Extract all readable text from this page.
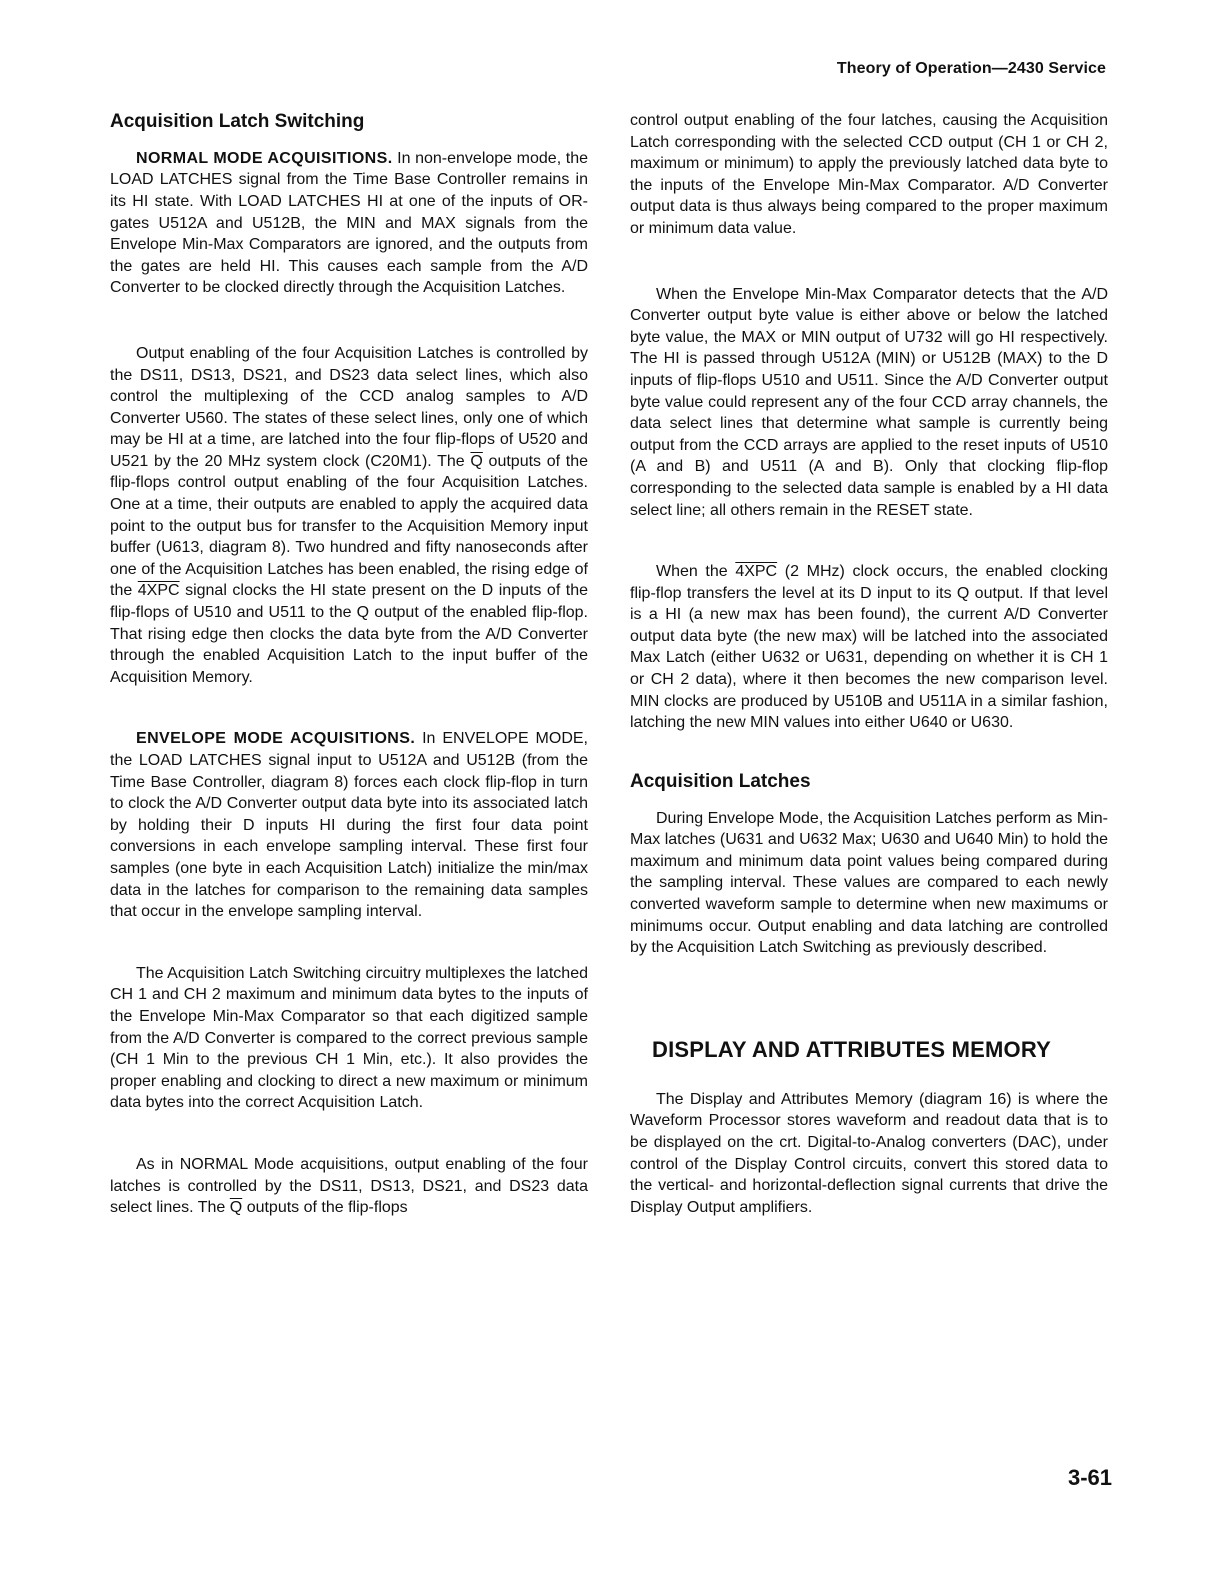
Theory of Operation—2430 Service
Acquisition Latch Switching

NORMAL MODE ACQUISITIONS. In non-envelope mode, the LOAD LATCHES signal from the Time Base Controller remains in its HI state. With LOAD LATCHES HI at one of the inputs of OR-gates U512A and U512B, the MIN and MAX signals from the Envelope Min-Max Comparators are ignored, and the outputs from the gates are held HI. This causes each sample from the A/D Converter to be clocked directly through the Acquisition Latches.

Output enabling of the four Acquisition Latches is controlled by the DS11, DS13, DS21, and DS23 data select lines, which also control the multiplexing of the CCD analog samples to A/D Converter U560. The states of these select lines, only one of which may be HI at a time, are latched into the four flip-flops of U520 and U521 by the 20 MHz system clock (C20M1). The $\overline{Q}$ outputs of the flip-flops control output enabling of the four Acquisition Latches. One at a time, their outputs are enabled to apply the acquired data point to the output bus for transfer to the Acquisition Memory input buffer (U613, diagram 8). Two hundred and fifty nanoseconds after one of the Acquisition Latches has been enabled, the rising edge of the 4XPC signal clocks the HI state present on the D inputs of the flip-flops of U510 and U511 to the Q output of the enabled flip-flop. That rising edge then clocks the data byte from the A/D Converter through the enabled Acquisition Latch to the input buffer of the Acquisition Memory.

ENVELOPE MODE ACQUISITIONS. In ENVELOPE MODE, the LOAD LATCHES signal input to U512A and U512B (from the Time Base Controller, diagram 8) forces each clock flip-flop in turn to clock the A/D Converter output data byte into its associated latch by holding their D inputs HI during the first four data point conversions in each envelope sampling interval. These first four samples (one byte in each Acquisition Latch) initialize the min/max data in the latches for comparison to the remaining data samples that occur in the envelope sampling interval.

The Acquisition Latch Switching circuitry multiplexes the latched CH 1 and CH 2 maximum and minimum data bytes to the inputs of the Envelope Min-Max Comparator so that each digitized sample from the A/D Converter is compared to the correct previous sample (CH 1 Min to the previous CH 1 Min, etc.). It also provides the proper enabling and clocking to direct a new maximum or minimum data bytes into the correct Acquisition Latch.

As in NORMAL Mode acquisitions, output enabling of the four latches is controlled by the DS11, DS13, DS21, and DS23 data select lines. The $\overline{Q}$ outputs of the flip-flops

control output enabling of the four latches, causing the Acquisition Latch corresponding with the selected CCD output (CH 1 or CH 2, maximum or minimum) to apply the previously latched data byte to the inputs of the Envelope Min-Max Comparator. A/D Converter output data is thus always being compared to the proper maximum or minimum data value.

When the Envelope Min-Max Comparator detects that the A/D Converter output byte value is either above or below the latched byte value, the MAX or MIN output of U732 will go HI respectively. The HI is passed through U512A (MIN) or U512B (MAX) to the D inputs of flip-flops U510 and U511. Since the A/D Converter output byte value could represent any of the four CCD array channels, the data select lines that determine what sample is currently being output from the CCD arrays are applied to the reset inputs of U510 (A and B) and U511 (A and B). Only that clocking flip-flop corresponding to the selected data sample is enabled by a HI data select line; all others remain in the RESET state.

When the 4XPC (2 MHz) clock occurs, the enabled clocking flip-flop transfers the level at its D input to its Q output. If that level is a HI (a new max has been found), the current A/D Converter output data byte (the new max) will be latched into the associated Max Latch (either U632 or U631, depending on whether it is CH 1 or CH 2 data), where it then becomes the new comparison level. MIN clocks are produced by U510B and U511A in a similar fashion, latching the new MIN values into either U640 or U630.

Acquisition Latches

During Envelope Mode, the Acquisition Latches perform as Min-Max latches (U631 and U632 Max; U630 and U640 Min) to hold the maximum and minimum data point values being compared during the sampling interval. These values are compared to each newly converted waveform sample to determine when new maximums or minimums occur. Output enabling and data latching are controlled by the Acquisition Latch Switching as previously described.

DISPLAY AND ATTRIBUTES MEMORY

The Display and Attributes Memory (diagram 16) is where the Waveform Processor stores waveform and readout data that is to be displayed on the crt. Digital-to-Analog converters (DAC), under control of the Display Control circuits, convert this stored data to the vertical- and horizontal-deflection signal currents that drive the Display Output amplifiers.

3-61
